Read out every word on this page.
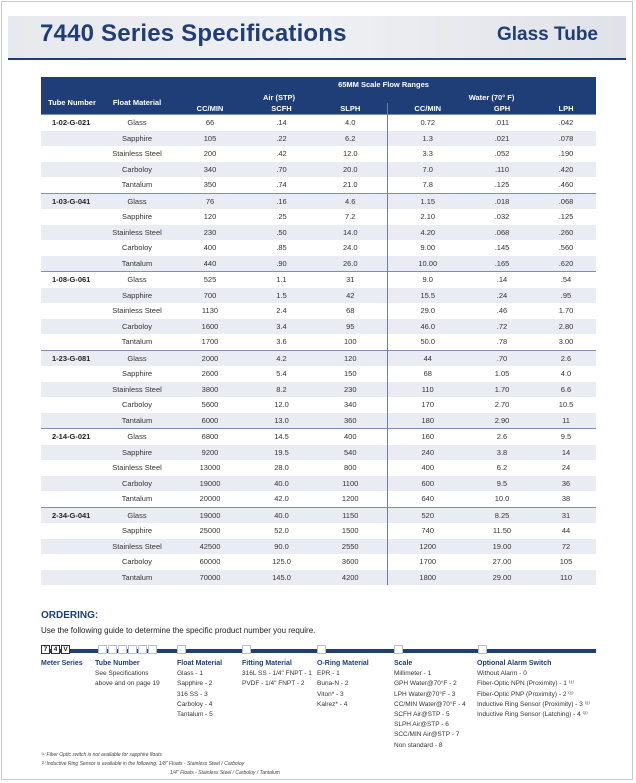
7440 Series Specifications	Glass Tube
		65MM Scale Flow Ranges					
Tube Number	Float Material	Air (STP)			Water (70° F)		
		CC/MIN	SCFH	SLPH	CC/MIN	GPH	LPH
1-02-G-021	Glass	66	.14	4.0	0.72	.011	.042
	Sapphire	105	.22	6.2	1.3	.021	.078
	Stainless Steel	200	.42	12.0	3.3	.052	.190
	Carboloy	340	.70	20.0	7.0	.110	.420
	Tantalum	350	.74	21.0	7.8	.125	.460
1-03-G-041	Glass	76	.16	4.6	1.15	.018	.068
	Sapphire	120	.25	7.2	2.10	.032	.125
	Stainless Steel	230	.50	14.0	4.20	.068	.260
	Carboloy	400	.85	24.0	9.00	.145	.560
	Tantalum	440	.90	26.0	10.00	.165	.620
1-08-G-061	Glass	525	1.1	31	9.0	.14	.54
	Sapphire	700	1.5	42	15.5	.24	.95
	Stainless Steel	1130	2.4	68	29.0	.46	1.70
	Carboloy	1600	3.4	95	46.0	.72	2.80
	Tantalum	1700	3.6	100	50.0	.78	3.00
1-23-G-081	Glass	2000	4.2	120	44	.70	2.6
	Sapphire	2600	5.4	150	68	1.05	4.0
	Stainless Steel	3800	8.2	230	110	1.70	6.6
	Carboloy	5600	12.0	340	170	2.70	10.5
	Tantalum	6000	13.0	360	180	2.90	11
2-14-G-021	Glass	6800	14.5	400	160	2.6	9.5
	Sapphire	9200	19.5	540	240	3.8	14
	Stainless Steel	13000	28.0	800	400	6.2	24
	Carboloy	19000	40.0	1100	600	9.5	36
	Tantalum	20000	42.0	1200	640	10.0	38
2-34-G-041	Glass	19000	40.0	1150	520	8.25	31
	Sapphire	25000	52.0	1500	740	11.50	44
	Stainless Steel	42500	90.0	2550	1200	19.00	72
	Carboloy	60000	125.0	3600	1700	27.00	105
	Tantalum	70000	145.0	4200	1800	29.00	110
ORDERING:
Use the following guide to determine the specific product number you require.
7 4 V
Meter Series Tube Number
See Specifications
above and on page 19
Float Material
Glass - 1
Sapphire - 2
316 SS - 3
Carboloy - 4
Tantalum - 5
Fitting Material
316L SS - 1/4" FNPT - 1
PVDF - 1/4" FNPT - 2
O-Ring Material
EPR - 1
Buna-N - 2
Viton* - 3
Kalrez* - 4
Scale
Millimeter - 1
GPH Water@70°F - 2
LPH Water@70°F - 3
CC/MIN Water@70°F - 4
SCFH Air@STP - 5
SLPH Air@STP - 6
SCC/MIN Air@STP - 7
Non standard - 8
Optional Alarm Switch
Without Alarm - 0
Fiber-Optic NPN (Proximity) - 1 ⁽¹⁾
Fiber-Optic PNP (Proximity) - 2 ⁽¹⁾
Inductive Ring Sensor (Proximity) - 3 ⁽²⁾
Inductive Ring Sensor (Latching) - 4 ⁽²⁾
⁽¹⁾ Fiber Optic switch is not available for sapphire floats
⁽²⁾ Inductive Ring Sensor is available in the following: 1/8" Floats - Stainless Steel / Carboloy
1/4" Floats - Stainless Steel / Carboloy / Tantalum
